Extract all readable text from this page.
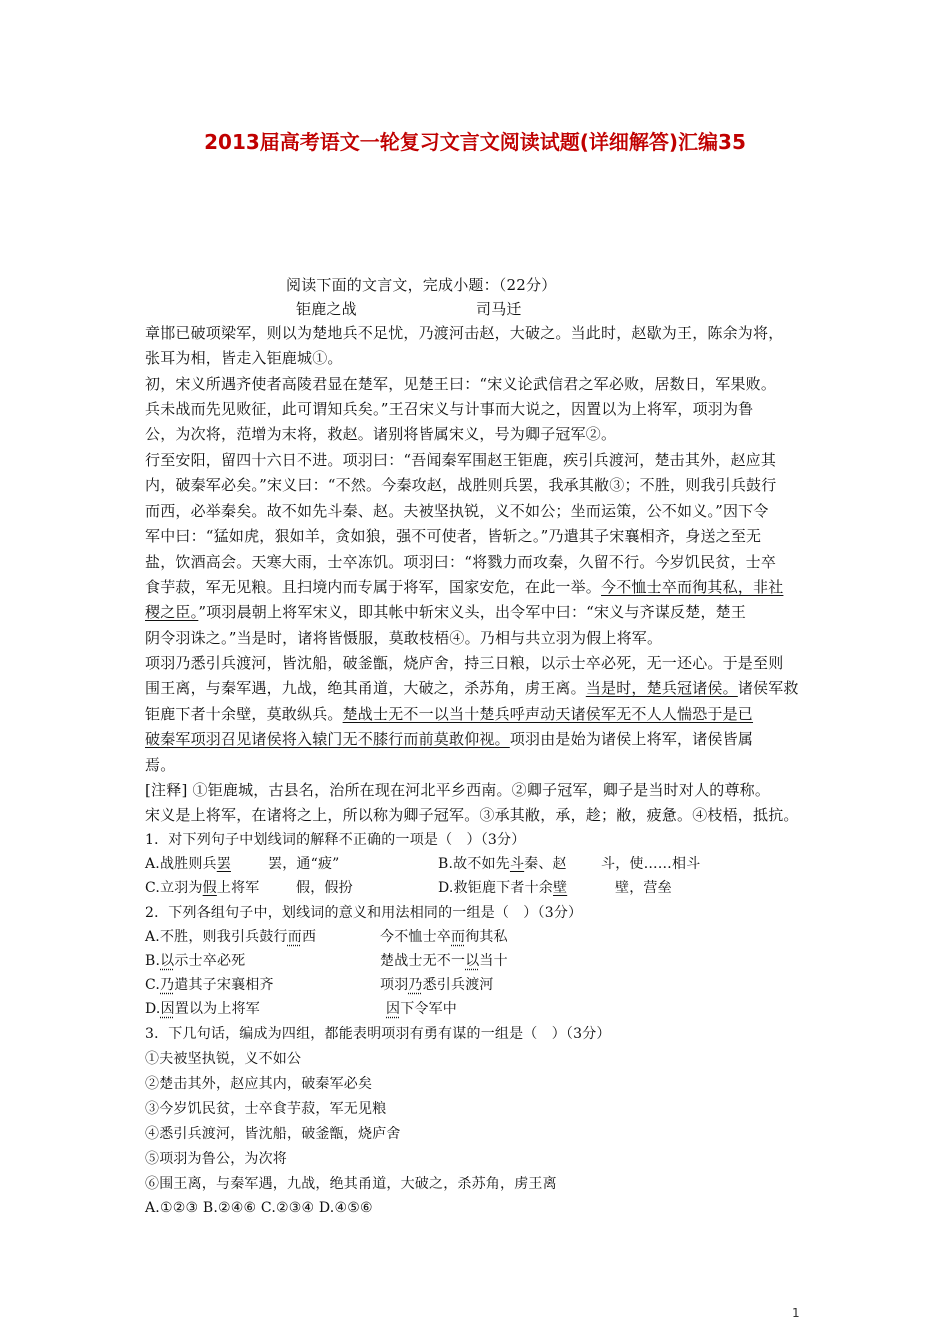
2013届高考语文一轮复习文言文阅读试题(详细解答)汇编35
阅读下面的文言文，完成小题：（22分）
钜鹿之战	司马迁
章邯已破项梁军，则以为楚地兵不足忧，乃渡河击赵，大破之。当此时，赵歇为王，陈余为将，
张耳为相，皆走入钜鹿城①。
初，宋义所遇齐使者高陵君显在楚军，见楚王曰：“宋义论武信君之军必败，居数日，军果败。
兵未战而先见败征，此可谓知兵矣。”王召宋义与计事而大说之，因置以为上将军，项羽为鲁
公，为次将，范增为末将，救赵。诸别将皆属宋义，号为卿子冠军②。
行至安阳，留四十六日不进。项羽曰：“吾闻秦军围赵王钜鹿，疾引兵渡河，楚击其外，赵应其
内，破秦军必矣。”宋义曰：“不然。今秦攻赵，战胜则兵罢，我承其敝③；不胜，则我引兵鼓行
而西，必举秦矣。故不如先斗秦、赵。夫被坚执锐，义不如公；坐而运策，公不如义。”因下令
军中曰：“猛如虎，狠如羊，贪如狼，强不可使者，皆斩之。”乃遣其子宋襄相齐，身送之至无
盐，饮酒高会。天寒大雨，士卒冻饥。项羽曰：“将戮力而攻秦，久留不行。今岁饥民贫，士卒
食芋菽，军无见粮。且扫境内而专属于将军，国家安危，在此一举。今不恤士卒而徇其私，非社
稷之臣。”项羽晨朝上将军宋义，即其帐中斩宋义头，出令军中曰：“宋义与齐谋反楚，楚王
阴令羽诛之。”当是时，诸将皆慑服，莫敢枝梧④。乃相与共立羽为假上将军。
项羽乃悉引兵渡河，皆沈船，破釜甑，烧庐舍，持三日粮，以示士卒必死，无一还心。于是至则
围王离，与秦军遇，九战，绝其甬道，大破之，杀苏角，虏王离。当是时，楚兵冠诸侯。诸侯军救
钜鹿下者十余壁，莫敢纵兵。楚战士无不一以当十楚兵呼声动天诸侯军无不人人惴恐于是已
破秦军项羽召见诸侯将入辕门无不膝行而前莫敢仰视。项羽由是始为诸侯上将军，诸侯皆属
焉。
[注释] ①钜鹿城，古县名，治所在现在河北平乡西南。②卿子冠军，卿子是当时对人的尊称。
宋义是上将军，在诸将之上，所以称为卿子冠军。③承其敝，承，趁；敝，疲惫。④枝梧，抵抗。
1．对下列句子中划线词的解释不正确的一项是（　）（3分）
A.战胜则兵罢	罢，通“疲”	B.故不如先斗秦、赵 斗，使……相斗
C.立羽为假上将军	假，假扮	D.救钜鹿下者十余壁	壁，营垒
2．下列各组句子中，划线词的意义和用法相同的一组是（　）（3分）
A.不胜，则我引兵鼓行而西	今不恤士卒而徇其私
B.以示士卒必死	楚战士无不一以当十
C.乃遣其子宋襄相齐	项羽乃悉引兵渡河
D.因置以为上将军	因下令军中
3．下几句话，编成为四组，都能表明项羽有勇有谋的一组是（　）（3分）
①夫被坚执锐，义不如公
②楚击其外，赵应其内，破秦军必矣
③今岁饥民贫，士卒食芋菽，军无见粮
④悉引兵渡河，皆沈船，破釜甑，烧庐舍
⑤项羽为鲁公，为次将
⑥围王离，与秦军遇，九战，绝其甬道，大破之，杀苏角，虏王离
A.①②③ B.②④⑥ C.②③④ D.④⑤⑥
1
